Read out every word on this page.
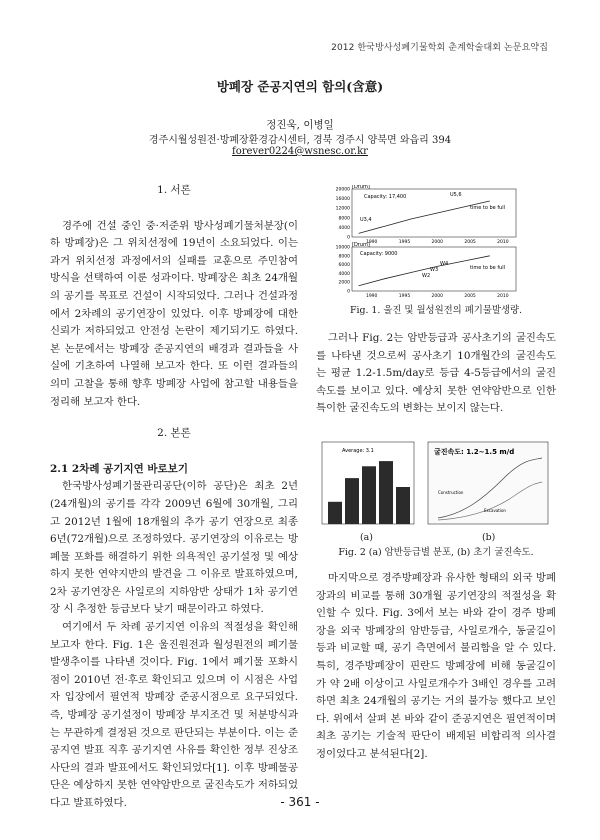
2012 한국방사성폐기물학회 춘계학술대회 논문요약집
방폐장 준공지연의 함의(含意)
정진욱, 이병일
경주시월성원전·방폐장환경감시센터, 경북 경주시 양북면 와읍리 394
forever0224@wsnesc.or.kr
1. 서론

경주에 건설 중인 중·저준위 방사성폐기물처분장(이하 방폐장)은 그 위치선정에 19년이 소요되었다. 이는 과거 위치선정 과정에서의 실패를 교훈으로 주민참여 방식을 선택하여 이룬 성과이다. 방폐장은 최초 24개월의 공기를 목표로 건설이 시작되었다. 그러나 건설과정에서 2차례의 공기연장이 있었다. 이후 방폐장에 대한 신뢰가 저하되었고 안전성 논란이 제기되기도 하였다. 본 논문에서는 방폐장 준공지연의 배경과 결과들을 사실에 기초하여 나열해 보고자 한다. 또 이런 결과들의 의미 고찰을 통해 향후 방폐장 사업에 참고할 내용들을 정리해 보고자 한다.

2. 본론
2.1 2차례 공기지연 바로보기

한국방사성폐기물관리공단(이하 공단)은 최초 2년(24개월)의 공기를 각각 2009년 6월에 30개월, 그리고 2012년 1월에 18개월의 추가 공기 연장으로 최종 6년(72개월)으로 조정하였다. 공기연장의 이유로는 방폐물 포화를 해결하기 위한 의욕적인 공기설정 및 예상하지 못한 연약지반의 발견을 그 이유로 발표하였으며, 2차 공기연장은 사일로의 지하암반 상태가 1차 공기연장 시 추정한 등급보다 낮기 때문이라고 하였다.

여기에서 두 차례 공기지연 이유의 적절성을 확인해 보고자 한다. Fig. 1은 울진원전과 월성원전의 폐기물 발생추이를 나타낸 것이다. Fig. 1에서 폐기물 포화시점이 2010년 전·후로 확인되고 있으며 이 시점은 사업자 입장에서 필연적 방폐장 준공시점으로 요구되었다. 즉, 방폐장 공기설정이 방폐장 부지조건 및 처분방식과는 무관하게 결정된 것으로 판단되는 부분이다. 이는 준공지연 발표 직후 공기지연 사유를 확인한 정부 진상조사단의 결과 발표에서도 확인되었다[1]. 이후 방폐물공단은 예상하지 못한 연약암반으로 굴진속도가 저하되었다고 발표하였다.

[Drum]
Capacity: 17,400
U3,4
U5,6
time to be full
0
4000
8000
12000
16000
20000
1990	1995	2000	2005	2010
[Drum]
Capacity: 9000
W4
W3
W2
time to be full
0
2000
4000
6000
8000
10000
1990	1995	2000	2005	2010
Fig. 1. 울진 및 월성원전의 폐기물발생량.

그러나 Fig. 2는 암반등급과 공사초기의 굴진속도를 나타낸 것으로써 공사초기 10개월간의 굴진속도는 평균 1.2-1.5m/day로 등급 4-5등급에서의 굴진속도를 보이고 있다. 예상치 못한 연약암반으로 인한 특이한 굴진속도의 변화는 보이지 않는다.

Average: 3.1
(a)
굴진속도: 1.2~1.5 m/d
Construction
Excavation
(b)
Fig. 2 (a) 암반등급별 분포, (b) 초기 굴진속도.

마지막으로 경주방폐장과 유사한 형태의 외국 방폐장과의 비교를 통해 30개월 공기연장의 적절성을 확인할 수 있다. Fig. 3에서 보는 바와 같이 경주 방폐장을 외국 방폐장의 암반등급, 사일로개수, 동굴길이 등과 비교할 때, 공기 측면에서 불리함을 알 수 있다. 특히, 경주방폐장이 핀란드 방폐장에 비해 동굴길이가 약 2배 이상이고 사일로개수가 3배인 경우를 고려하면 최초 24개월의 공기는 거의 불가능 했다고 보인다. 위에서 살펴 본 바와 같이 준공지연은 필연적이며 최초 공기는 기술적 판단이 배제된 비합리적 의사결정이었다고 분석된다[2].

- 361 -
